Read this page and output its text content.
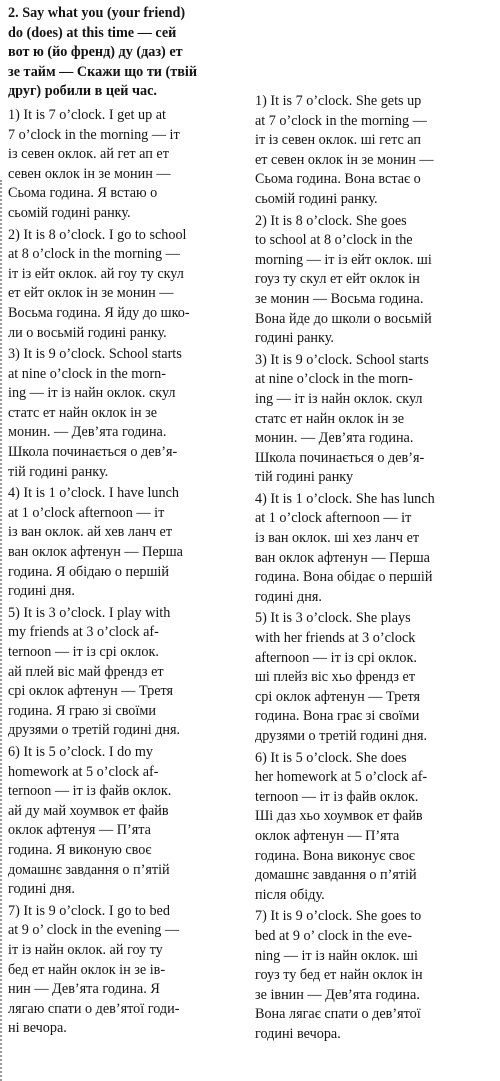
2. Say what you (your friend)
do (does) at this time — сей
вот ю (йо френд) ду (даз) ет
зе тайм — Скажи що ти (твій
друг) робили в цей час.

1) It is 7 o’clock. I get up at
7 o’clock in the morning — іт
із севен оклок. ай гет ап ет
севен оклок ін зе монин —
Сьома година. Я встаю о
сьомій годині ранку.

2) It is 8 o’clock. I go to school
at 8 o’clock in the morning —
іт із ейт оклок. ай гоу ту скул
ет ейт оклок ін зе монин —
Восьма година. Я йду до шко-
ли о восьмій годині ранку.

3) It is 9 o’clock. School starts
at nine o’clock in the morn-
ing — іт із найн оклок. скул
статс ет найн оклок ін зе
монин. — Дев’ята година.
Школа починається о дев’я-
тій годині ранку.

4) It is 1 o’clock. I have lunch
at 1 o’clock afternoon — іт
із ван оклок. ай хев ланч ет
ван оклок афтенун — Перша
година. Я обідаю о першій
годині дня.

5) It is 3 o’clock. I play with
my friends at 3 o’clock af-
ternoon — іт із срі оклок.
ай плей віс май френдз ет
срі оклок афтенун — Третя
година. Я граю зі своїми
друзями о третій годині дня.

6) It is 5 o’clock. I do my
homework at 5 o’clock af-
ternoon — іт із файв оклок.
ай ду май хоумвок ет файв
оклок афтенуя — П’ята
година. Я виконую своє
домашнє завдання о п’ятій
годині дня.

7) It is 9 o’clock. I go to bed
at 9 o’ clock in the evening —
іт із найн оклок. ай гоу ту
бед ет найн оклок ін зе ів-
нин — Дев’ята година. Я
лягаю спати о дев’ятої годи-
ні вечора.

1) It is 7 o’clock. She gets up
at 7 o’clock in the morning —
іт із севен оклок. ші гетс ап
ет севен оклок ін зе монин —
Сьома година. Вона встає о
сьомій годині ранку.

2) It is 8 o’clock. She goes
to school at 8 o’clock in the
morning — іт із ейт оклок. ші
гоуз ту скул ет ейт оклок ін
зе монин — Восьма година.
Вона йде до школи о восьмій
годині ранку.

3) It is 9 o’clock. School starts
at nine o’clock in the morn-
ing — іт із найн оклок. скул
статс ет найн оклок ін зе
монин. — Дев’ята година.
Школа починається о дев’я-
тій годині ранку

4) It is 1 o’clock. She has lunch
at 1 o’clock afternoon — іт
із ван оклок. ші хез ланч ет
ван оклок афтенун — Перша
година. Вона обідає о першій
годині дня.

5) It is 3 o’clock. She plays
with her friends at 3 o’clock
afternoon — іт із срі оклок.
ші плейз віс хьо френдз ет
срі оклок афтенун — Третя
година. Вона грає зі своїми
друзями о третій годині дня.

6) It is 5 o’clock. She does
her homework at 5 o’clock af-
ternoon — іт із файв оклок.
Ші даз хьо хоумвок ет файв
оклок афтенун — П’ята
година. Вона виконує своє
домашнє завдання о п’ятій
після обіду.

7) It is 9 o’clock. She goes to
bed at 9 o’ clock in the eve-
ning — іт із найн оклок. ші
гоуз ту бед ет найн оклок ін
зе івнин — Дев’ята година.
Вона лягає спати о дев’ятої
годині вечора.
